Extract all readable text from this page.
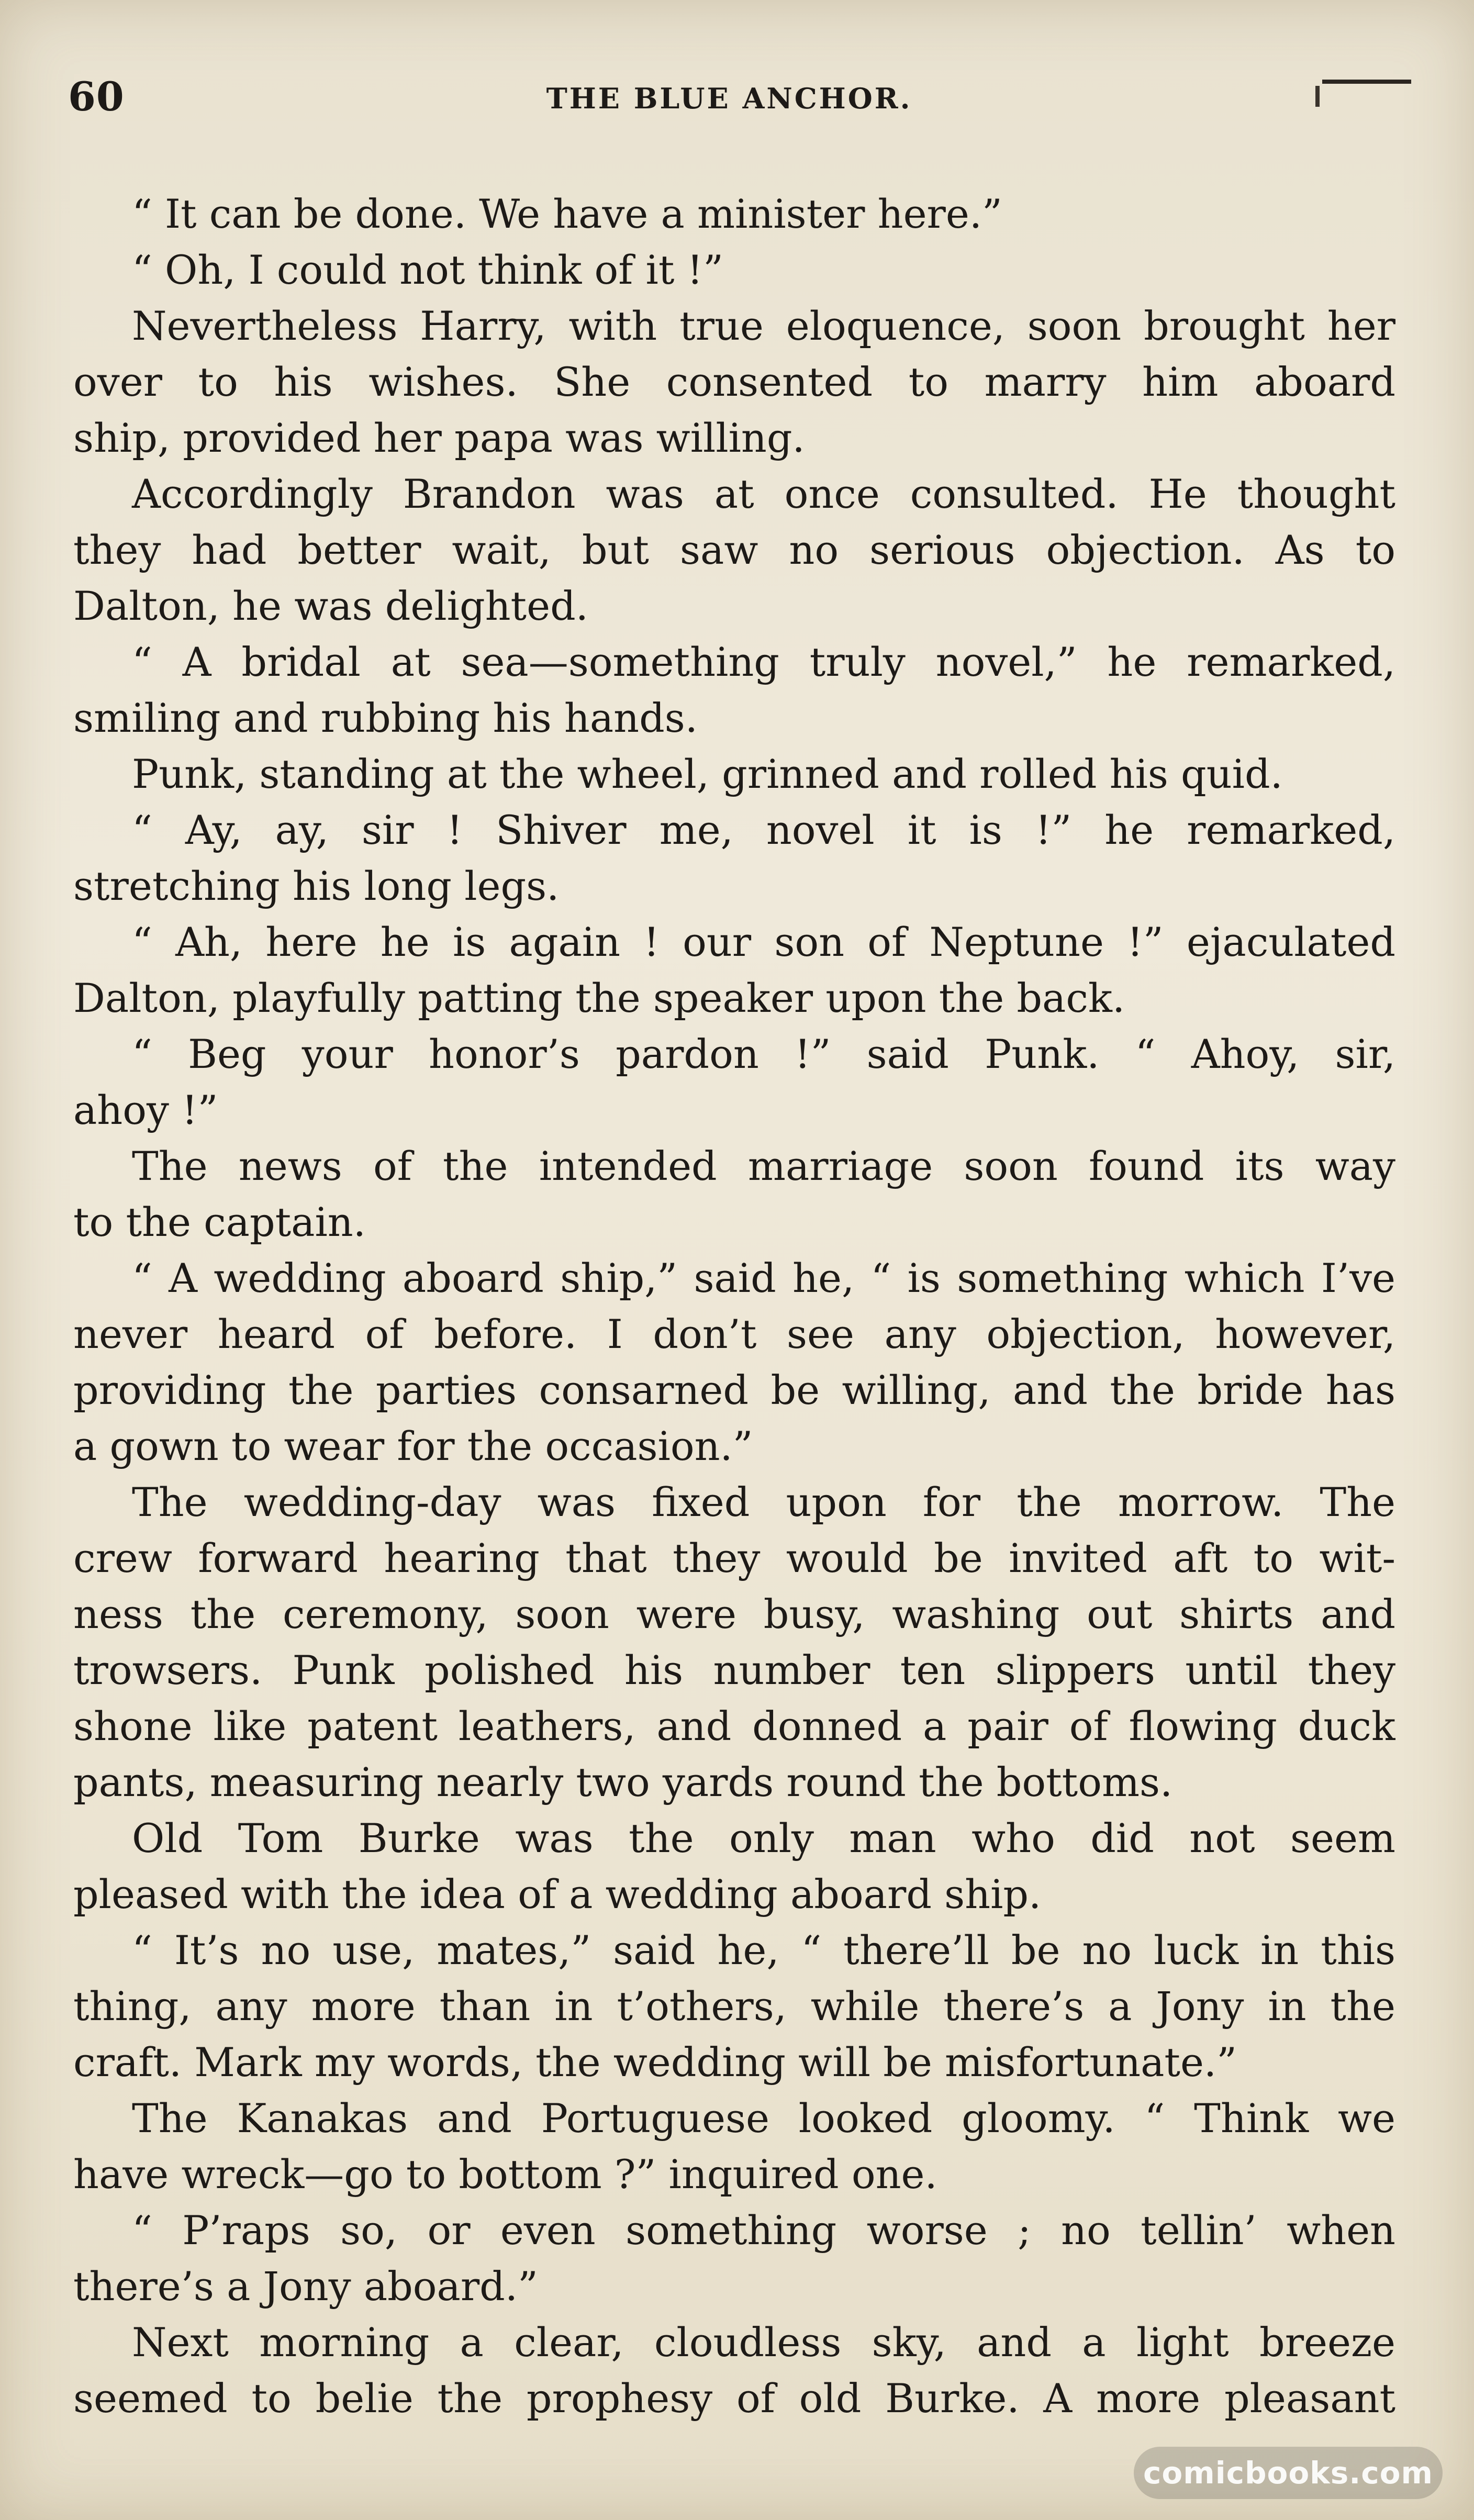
60	THE BLUE ANCHOR.
“ It can be done. We have a minister here.”
“ Oh, I could not think of it !”
Nevertheless Harry, with true eloquence, soon brought her
over to his wishes. She consented to marry him aboard
ship, provided her papa was willing.
Accordingly Brandon was at once consulted. He thought
they had better wait, but saw no serious objection. As to
Dalton, he was delighted.
“ A bridal at sea—something truly novel,” he remarked,
smiling and rubbing his hands.
Punk, standing at the wheel, grinned and rolled his quid.
“ Ay, ay, sir ! Shiver me, novel it is !” he remarked,
stretching his long legs.
“ Ah, here he is again ! our son of Neptune !” ejaculated
Dalton, playfully patting the speaker upon the back.
“ Beg your honor’s pardon !” said Punk. “ Ahoy, sir,
ahoy !”
The news of the intended marriage soon found its way
to the captain.
“ A wedding aboard ship,” said he, “ is something which I’ve
never heard of before. I don’t see any objection, however,
providing the parties consarned be willing, and the bride has
a gown to wear for the occasion.”
The wedding-day was fixed upon for the morrow. The
crew forward hearing that they would be invited aft to wit-
ness the ceremony, soon were busy, washing out shirts and
trowsers. Punk polished his number ten slippers until they
shone like patent leathers, and donned a pair of flowing duck
pants, measuring nearly two yards round the bottoms.
Old Tom Burke was the only man who did not seem
pleased with the idea of a wedding aboard ship.
“ It’s no use, mates,” said he, “ there’ll be no luck in this
thing, any more than in t’others, while there’s a Jony in the
craft. Mark my words, the wedding will be misfortunate.”
The Kanakas and Portuguese looked gloomy. “ Think we
have wreck—go to bottom ?” inquired one.
“ P’raps so, or even something worse ; no tellin’ when
there’s a Jony aboard.”
Next morning a clear, cloudless sky, and a light breeze
seemed to belie the prophesy of old Burke. A more pleasant
comicbooks.com
